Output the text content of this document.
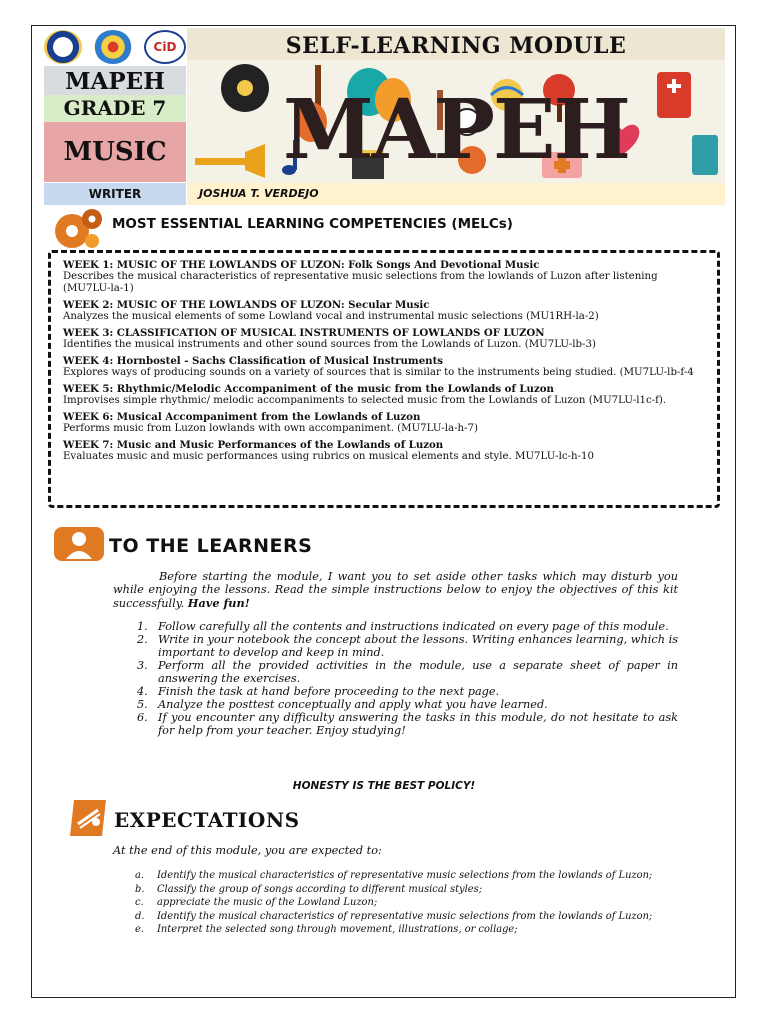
CiD	SELF-LEARNING MODULE
MAPEH
GRADE 7
MUSIC
WRITER	JOSHUA T. VERDEJO
MAPEH
MOST ESSENTIAL LEARNING COMPETENCIES (MELCs)
WEEK 1: MUSIC OF THE LOWLANDS OF LUZON: Folk Songs And Devotional Music
Describes the musical characteristics of representative music selections from the lowlands of Luzon after listening (MU7LU-la-1)
WEEK 2: MUSIC OF THE LOWLANDS OF LUZON: Secular Music
Analyzes the musical elements of some Lowland vocal and instrumental music selections (MU1RH-la-2)
WEEK 3: CLASSIFICATION OF MUSICAL INSTRUMENTS OF LOWLANDS OF LUZON
Identifies the musical instruments and other sound sources from the Lowlands of Luzon. (MU7LU-lb-3)
WEEK 4: Hornbostel - Sachs Classification of Musical Instruments
Explores ways of producing sounds on a variety of sources that is similar to the instruments being studied. (MU7LU-lb-f-4
WEEK 5: Rhythmic/Melodic Accompaniment of the music from the Lowlands of Luzon
Improvises simple rhythmic/ melodic accompaniments to selected music from the Lowlands of Luzon (MU7LU-l1c-f).
WEEK 6: Musical Accompaniment from the Lowlands of Luzon
Performs music from Luzon lowlands with own accompaniment. (MU7LU-la-h-7)
WEEK 7: Music and Music Performances of the Lowlands of Luzon
Evaluates music and music performances using rubrics on musical elements and style. MU7LU-lc-h-10
TO THE LEARNERS
Before starting the module, I want you to set aside other tasks which may disturb you while enjoying the lessons. Read the simple instructions below to enjoy the objectives of this kit successfully. Have fun!
1. Follow carefully all the contents and instructions indicated on every page of this module.
2. Write in your notebook the concept about the lessons. Writing enhances learning, which is important to develop and keep in mind.
3. Perform all the provided activities in the module, use a separate sheet of paper in answering the exercises.
4. Finish the task at hand before proceeding to the next page.
5. Analyze the posttest conceptually and apply what you have learned.
6. If you encounter any difficulty answering the tasks in this module, do not hesitate to ask for help from your teacher. Enjoy studying!
HONESTY IS THE BEST POLICY!
EXPECTATIONS
At the end of this module, you are expected to:
a.	Identify the musical characteristics of representative music selections from the lowlands of Luzon;
b.	Classify the group of songs according to different musical styles;
c.	appreciate the music of the Lowland Luzon;
d.	Identify the musical characteristics of representative music selections from the lowlands of Luzon;
e.	Interpret the selected song through movement, illustrations, or collage;
